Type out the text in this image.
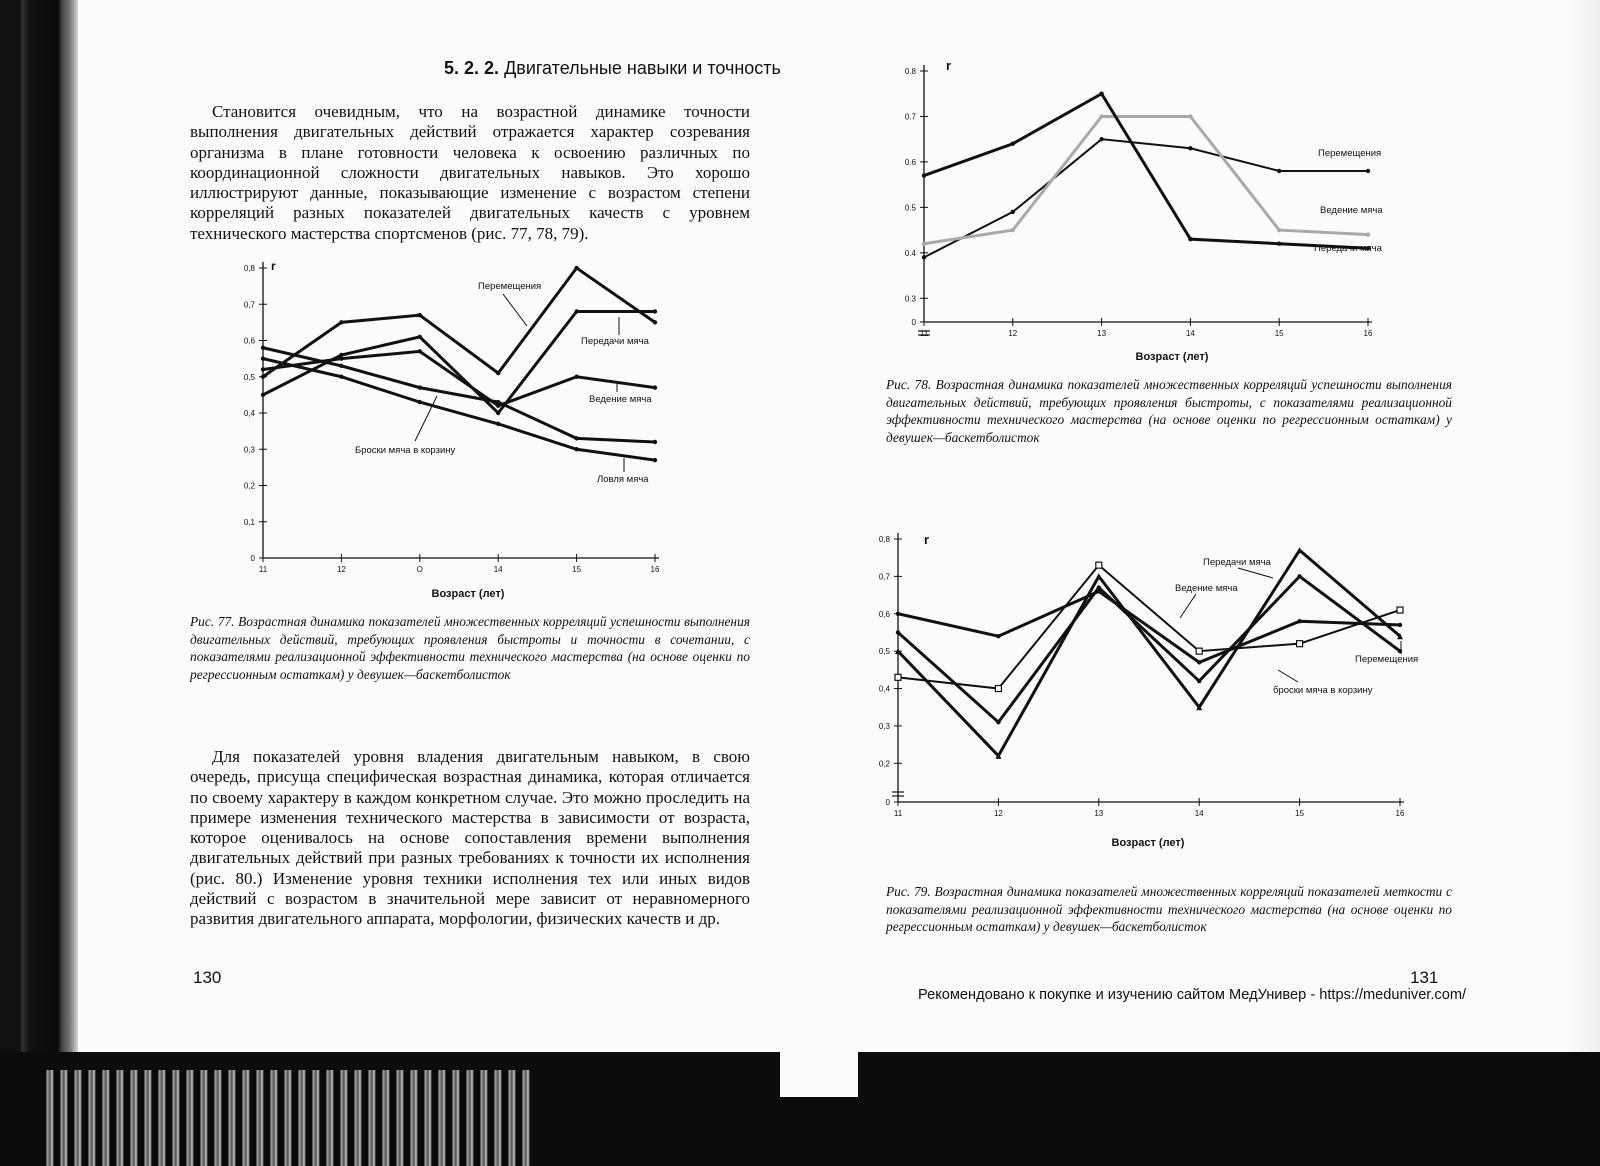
5. 2. 2. Двигательные навыки и точность

Становится очевидным, что на возрастной динамике точности выполнения двигательных действий отражается характер созревания организма в плане готовности человека к освоению различных по координационной сложности двигательных навыков. Это хорошо иллюстрируют данные, показывающие изменение с возрастом степени корреляций разных показателей двигательных качеств с уровнем технического мастерства спортсменов (рис. 77, 78, 79).

0
0,1
0,2
0,3
0,4
0,5
0,6
0,7
0,8
11	12	O	14	15	16
r
Возраст (лет)
Перемещения
Передачи мяча
Ведение мяча
Броски мяча в корзину
Ловля мяча
Рис. 77. Возрастная динамика показателей множественных корреляций успешности выполнения двигательных действий, требующих проявления быстроты и точности в сочетании, с показателями реализационной эффективности технического мастерства (на основе оценки по регрессионным остаткам) у девушек—баскетболисток

Для показателей уровня владения двигательным навыком, в свою очередь, присуща специфическая возрастная динамика, которая отличается по своему характеру в каждом конкретном случае. Это можно проследить на примере изменения технического мастерства в зависимости от возраста, которое оценивалось на основе сопоставления времени выполнения двигательных действий при разных требованиях к точности их исполнения (рис. 80.) Изменение уровня техники исполнения тех или иных видов действий с возрастом в значительной мере зависит от неравномерного развития двигательного аппарата, морфологии, физических качеств и др.

130
0
0.3
0.4
0.5
0.6
0.7
0.8
11	12	13	14	15	16
r
Возраст (лет)
Перемещения
Ведение мяча
Передачи мяча
Рис. 78. Возрастная динамика показателей множественных корреляций успешности выполнения двигательных действий, требующих проявления быстроты, с показателями реализационной эффективности технического мастерства (на основе оценки по регрессионным остаткам) у девушек—баскетболисток
0
0,2
0,3
0,4
0,5
0,6
0,7
0,8
11	12	13	14	15	16
r
Возраст (лет)
Передачи мяча
Ведение мяча
Перемещения
броски мяча в корзину
Рис. 79. Возрастная динамика показателей множественных корреляций показателей меткости с показателями реализационной эффективности технического мастерства (на основе оценки по регрессионным остаткам) у девушек—баскетболисток
131
Рекомендовано к покупке и изучению сайтом МедУнивер - https://meduniver.com/
